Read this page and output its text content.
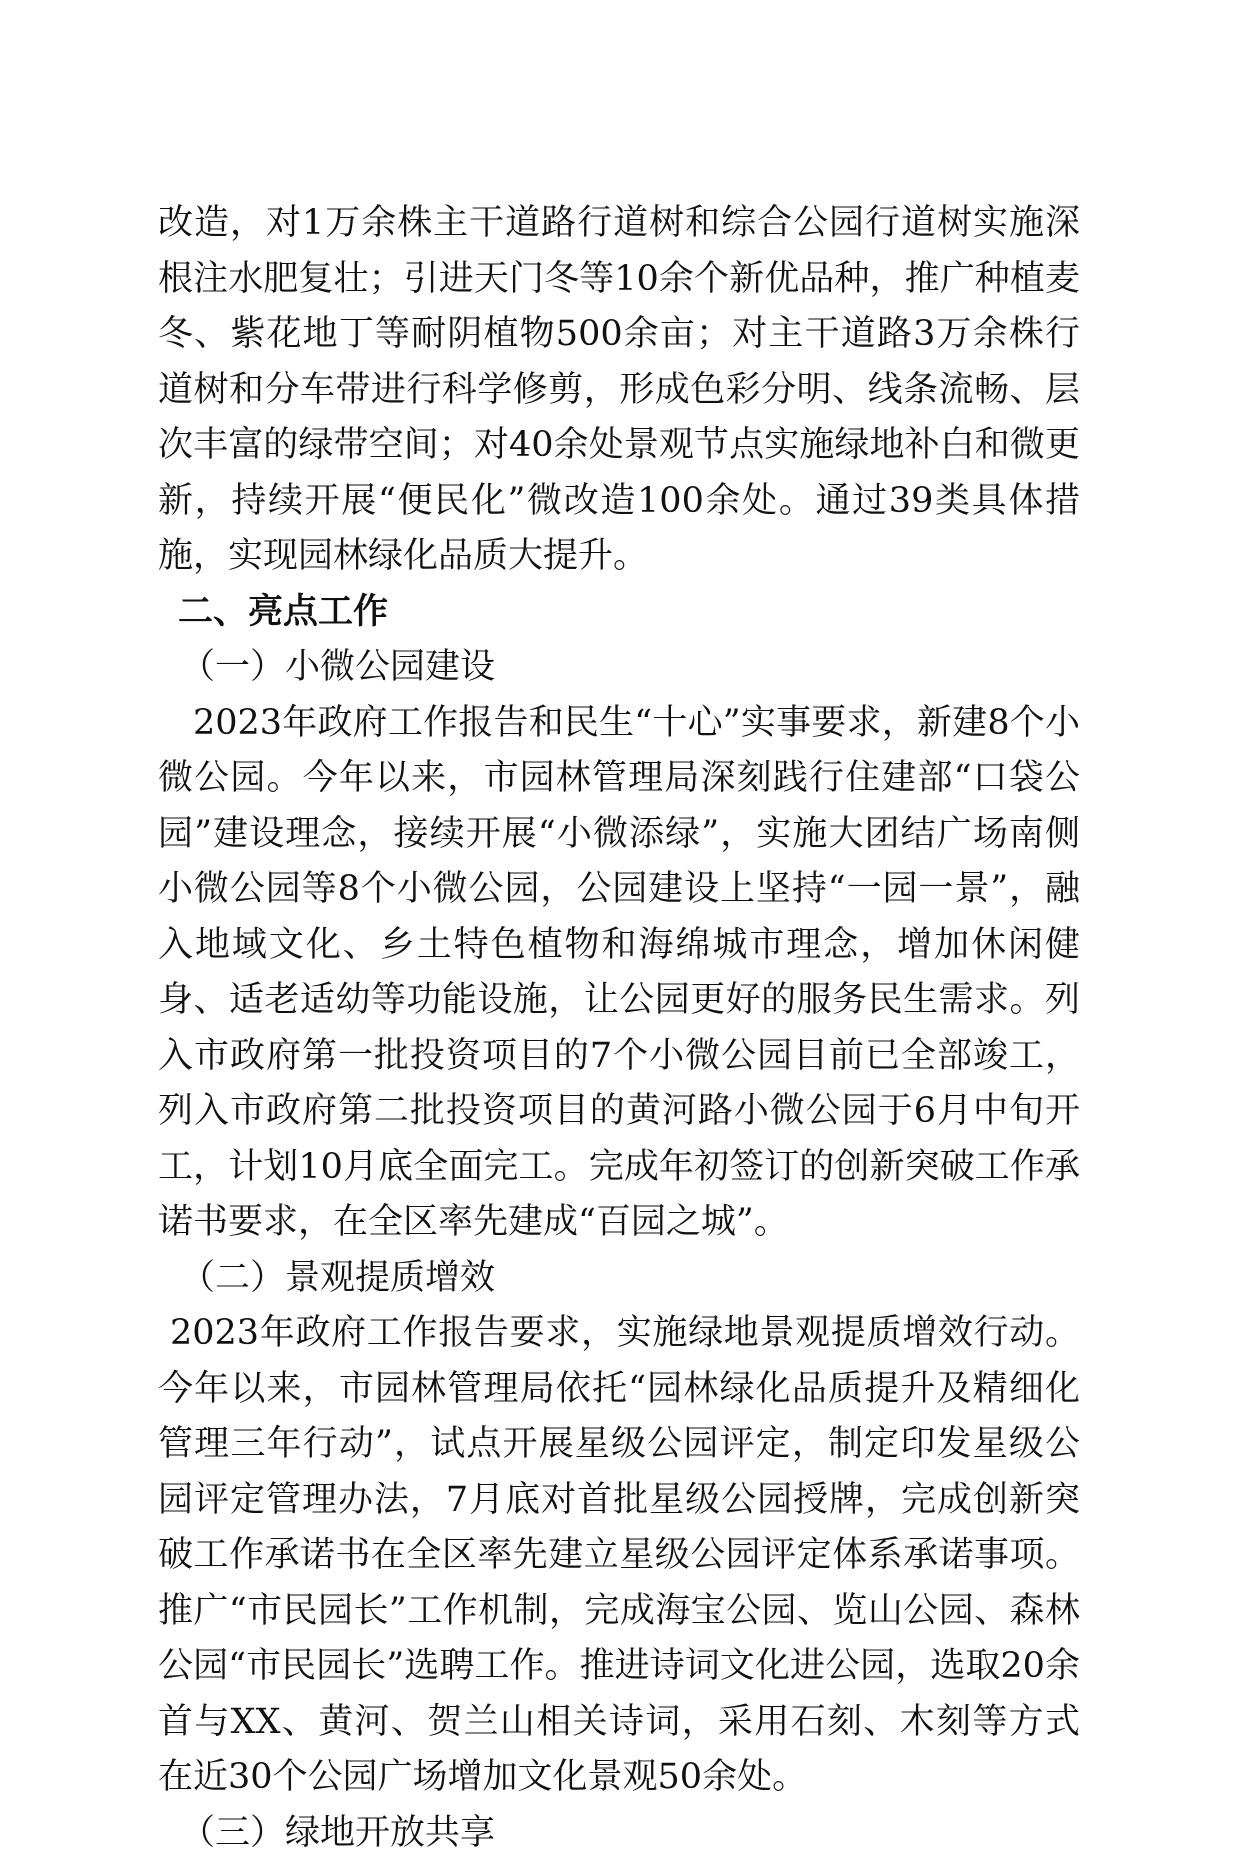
改造，对1万余株主干道路行道树和综合公园行道树实施深根注水肥复壮；引进天门冬等10余个新优品种，推广种植麦冬、紫花地丁等耐阴植物500余亩；对主干道路3万余株行道树和分车带进行科学修剪，形成色彩分明、线条流畅、层次丰富的绿带空间；对40余处景观节点实施绿地补白和微更新，持续开展“便民化”微改造100余处。通过39类具体措施，实现园林绿化品质大提升。

二、亮点工作
（一）小微公园建设

2023年政府工作报告和民生“十心”实事要求，新建8个小微公园。今年以来，市园林管理局深刻践行住建部“口袋公园”建设理念，接续开展“小微添绿”，实施大团结广场南侧小微公园等8个小微公园，公园建设上坚持“一园一景”，融入地域文化、乡土特色植物和海绵城市理念，增加休闲健身、适老适幼等功能设施，让公园更好的服务民生需求。列入市政府第一批投资项目的7个小微公园目前已全部竣工，列入市政府第二批投资项目的黄河路小微公园于6月中旬开工，计划10月底全面完工。完成年初签订的创新突破工作承诺书要求，在全区率先建成“百园之城”。

（二）景观提质增效

2023年政府工作报告要求，实施绿地景观提质增效行动。今年以来，市园林管理局依托“园林绿化品质提升及精细化管理三年行动”，试点开展星级公园评定，制定印发星级公园评定管理办法，7月底对首批星级公园授牌，完成创新突破工作承诺书在全区率先建立星级公园评定体系承诺事项。推广“市民园长”工作机制，完成海宝公园、览山公园、森林公园“市民园长”选聘工作。推进诗词文化进公园，选取20余首与XX、黄河、贺兰山相关诗词，采用石刻、木刻等方式在近30个公园广场增加文化景观50余处。

（三）绿地开放共享
